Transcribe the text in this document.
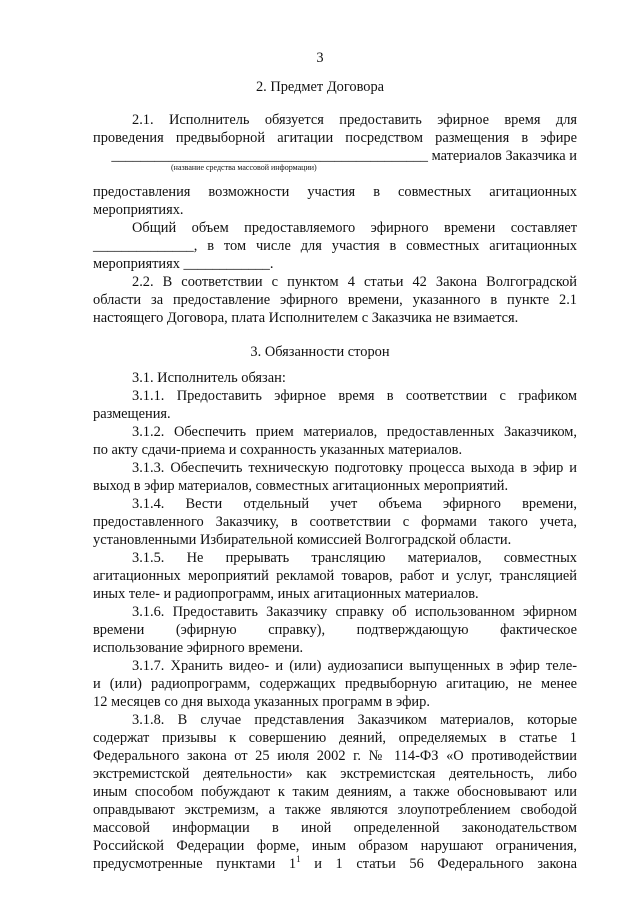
3
2. Предмет Договора
2.1. Исполнитель обязуется предоставить эфирное время для
проведения предвыборной агитации посредством размещения в эфире
____________________________________________ материалов Заказчика и
(название средства массовой информации)
предоставления возможности участия в совместных агитационных
мероприятиях.
Общий объем предоставляемого эфирного времени составляет
______________, в том числе для участия в совместных агитационных
мероприятиях ____________.
2.2. В соответствии с пунктом 4 статьи 42 Закона Волгоградской
области за предоставление эфирного времени, указанного в пункте 2.1
настоящего Договора, плата Исполнителем с Заказчика не взимается.
3. Обязанности сторон
3.1. Исполнитель обязан:
3.1.1. Предоставить эфирное время в соответствии с графиком
размещения.
3.1.2. Обеспечить прием материалов, предоставленных Заказчиком,
по акту сдачи-приема и сохранность указанных материалов.
3.1.3. Обеспечить техническую подготовку процесса выхода в эфир и
выход в эфир материалов, совместных агитационных мероприятий.
3.1.4. Вести отдельный учет объема эфирного времени,
предоставленного Заказчику, в соответствии с формами такого учета,
установленными Избирательной комиссией Волгоградской области.
3.1.5. Не прерывать трансляцию материалов, совместных
агитационных мероприятий рекламой товаров, работ и услуг, трансляцией
иных теле- и радиопрограмм, иных агитационных материалов.
3.1.6. Предоставить Заказчику справку об использованном эфирном
времени (эфирную справку), подтверждающую фактическое
использование эфирного времени.
3.1.7. Хранить видео- и (или) аудиозаписи выпущенных в эфир теле-
и (или) радиопрограмм, содержащих предвыборную агитацию, не менее
12 месяцев со дня выхода указанных программ в эфир.
3.1.8. В случае представления Заказчиком материалов, которые
содержат призывы к совершению деяний, определяемых в статье 1
Федерального закона от 25 июля 2002 г. № 114-ФЗ «О противодействии
экстремистской деятельности» как экстремистская деятельность, либо
иным способом побуждают к таким деяниям, а также обосновывают или
оправдывают экстремизм, а также являются злоупотреблением свободой
массовой информации в иной определенной законодательством
Российской Федерации форме, иным образом нарушают ограничения,
предусмотренные пунктами $1^1$ и 1 статьи 56 Федерального закона
